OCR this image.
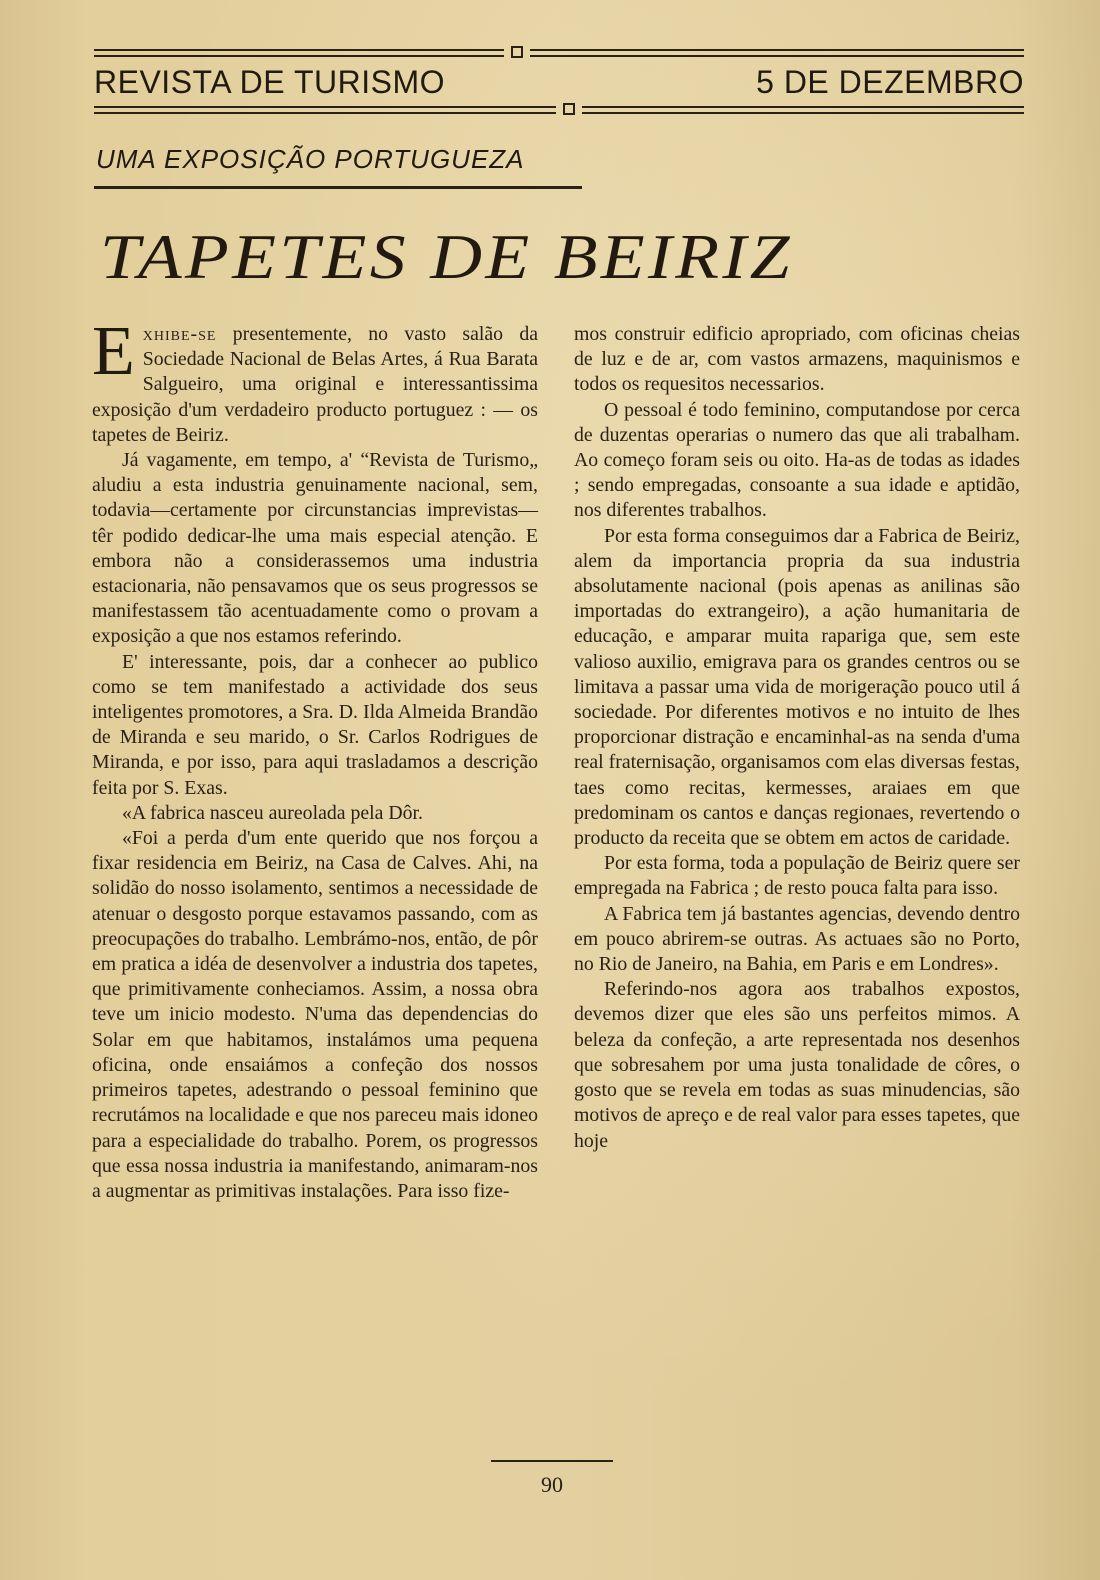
REVISTA DE TURISMO	5 DE DEZEMBRO
UMA EXPOSIÇÃO PORTUGUEZA
TAPETES DE BEIRIZ

Exhibe-se presentemente, no vasto salão da Sociedade Nacional de Belas Artes, á Rua Barata Salgueiro, uma original e interessantissima exposição d'um verdadeiro producto portuguez : — os tapetes de Beiriz.

Já vagamente, em tempo, a' “Revista de Turismo„ aludiu a esta industria genuinamente nacional, sem, todavia—certamente por circunstancias imprevistas—têr podido dedicar-lhe uma mais especial atenção. E embora não a considerassemos uma industria estacionaria, não pensavamos que os seus progressos se manifestassem tão acentuadamente como o provam a exposição a que nos estamos referindo.

E' interessante, pois, dar a conhecer ao publico como se tem manifestado a actividade dos seus inteligentes promotores, a Sra. D. Ilda Almeida Brandão de Miranda e seu marido, o Sr. Carlos Rodrigues de Miranda, e por isso, para aqui trasladamos a descrição feita por S. Exas.

«A fabrica nasceu aureolada pela Dôr.

«Foi a perda d'um ente querido que nos forçou a fixar residencia em Beiriz, na Casa de Calves. Ahi, na solidão do nosso isolamento, sentimos a necessidade de atenuar o desgosto porque estavamos passando, com as preocupações do trabalho. Lembrámo-nos, então, de pôr em pratica a idéa de desenvolver a industria dos tapetes, que primitivamente conheciamos. Assim, a nossa obra teve um inicio modesto. N'uma das dependencias do Solar em que habitamos, instalámos uma pequena oficina, onde ensaiámos a confeção dos nossos primeiros tapetes, adestrando o pessoal feminino que recrutámos na localidade e que nos pareceu mais idoneo para a especialidade do trabalho. Porem, os progressos que essa nossa industria ia manifestando, animaram-nos a augmentar as primitivas instalações. Para isso fize-

mos construir edificio apropriado, com oficinas cheias de luz e de ar, com vastos armazens, maquinismos e todos os requesitos necessarios.

O pessoal é todo feminino, computandose por cerca de duzentas operarias o numero das que ali trabalham. Ao começo foram seis ou oito. Ha-as de todas as idades ; sendo empregadas, consoante a sua idade e aptidão, nos diferentes trabalhos.

Por esta forma conseguimos dar a Fabrica de Beiriz, alem da importancia propria da sua industria absolutamente nacional (pois apenas as anilinas são importadas do extrangeiro), a ação humanitaria de educação, e amparar muita rapariga que, sem este valioso auxilio, emigrava para os grandes centros ou se limitava a passar uma vida de morigeração pouco util á sociedade. Por diferentes motivos e no intuito de lhes proporcionar distração e encaminhal-as na senda d'uma real fraternisação, organisamos com elas diversas festas, taes como recitas, kermesses, araiaes em que predominam os cantos e danças regionaes, revertendo o producto da receita que se obtem em actos de caridade.

Por esta forma, toda a população de Beiriz quere ser empregada na Fabrica ; de resto pouca falta para isso.

A Fabrica tem já bastantes agencias, devendo dentro em pouco abrirem-se outras. As actuaes são no Porto, no Rio de Janeiro, na Bahia, em Paris e em Londres».

Referindo-nos agora aos trabalhos expostos, devemos dizer que eles são uns perfeitos mimos. A beleza da confeção, a arte representada nos desenhos que sobresahem por uma justa tonalidade de côres, o gosto que se revela em todas as suas minudencias, são motivos de apreço e de real valor para esses tapetes, que hoje

90
